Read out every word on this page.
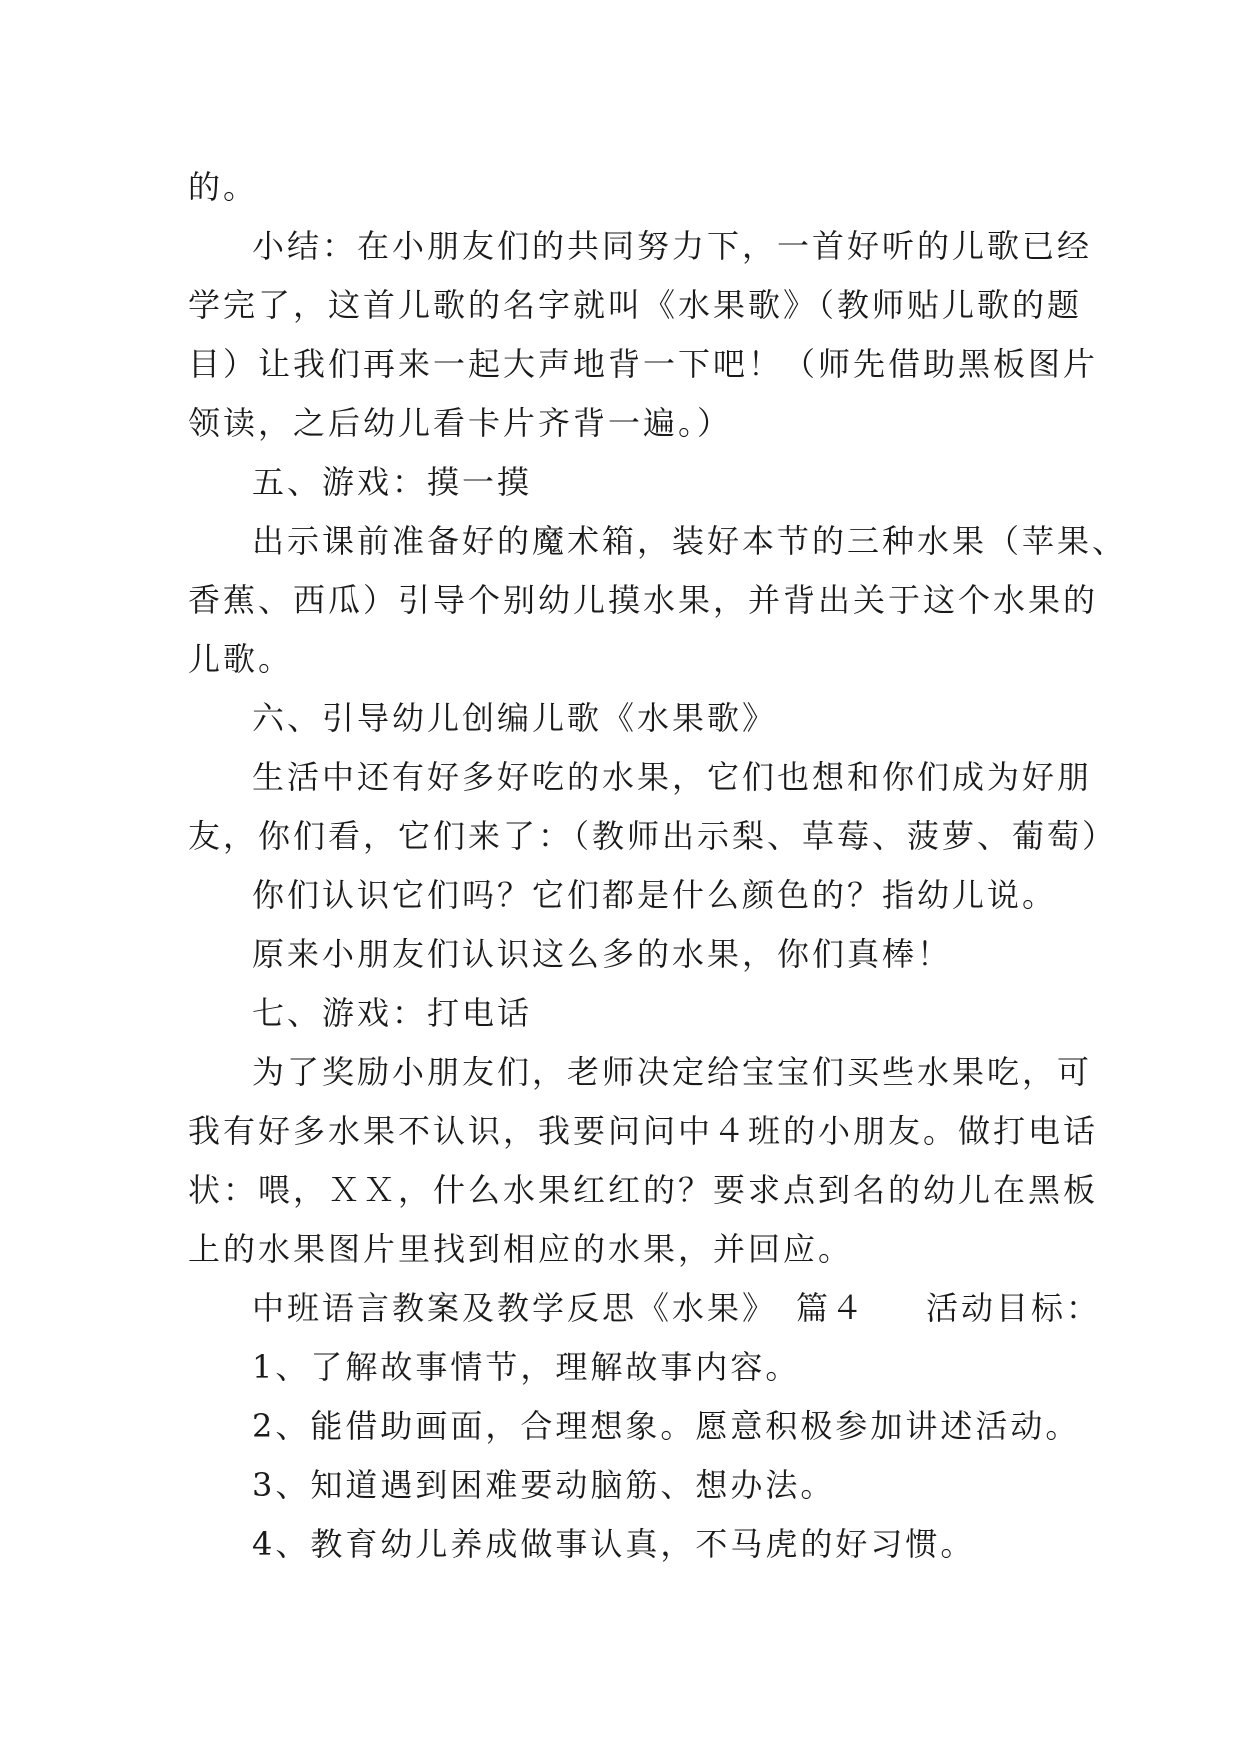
的。

小结：在小朋友们的共同努力下，一首好听的儿歌已经
学完了，这首儿歌的名字就叫《水果歌》（教师贴儿歌的题
目）让我们再来一起大声地背一下吧！（师先借助黑板图片
领读，之后幼儿看卡片齐背一遍。）

五、游戏：摸一摸

出示课前准备好的魔术箱，装好本节的三种水果（苹果、
香蕉、西瓜）引导个别幼儿摸水果，并背出关于这个水果的
儿歌。

六、引导幼儿创编儿歌《水果歌》

生活中还有好多好吃的水果，它们也想和你们成为好朋
友，你们看，它们来了：（教师出示梨、草莓、菠萝、葡萄）

你们认识它们吗？它们都是什么颜色的？指幼儿说。

原来小朋友们认识这么多的水果，你们真棒！

七、游戏：打电话

为了奖励小朋友们，老师决定给宝宝们买些水果吃，可
我有好多水果不认识，我要问问中４班的小朋友。做打电话
状：喂，ＸＸ，什么水果红红的？要求点到名的幼儿在黑板
上的水果图片里找到相应的水果，并回应。

中班语言教案及教学反思《水果》　篇４ 活动目标：

1、了解故事情节，理解故事内容。

2、能借助画面，合理想象。愿意积极参加讲述活动。

3、知道遇到困难要动脑筋、想办法。

4、教育幼儿养成做事认真，不马虎的好习惯。
